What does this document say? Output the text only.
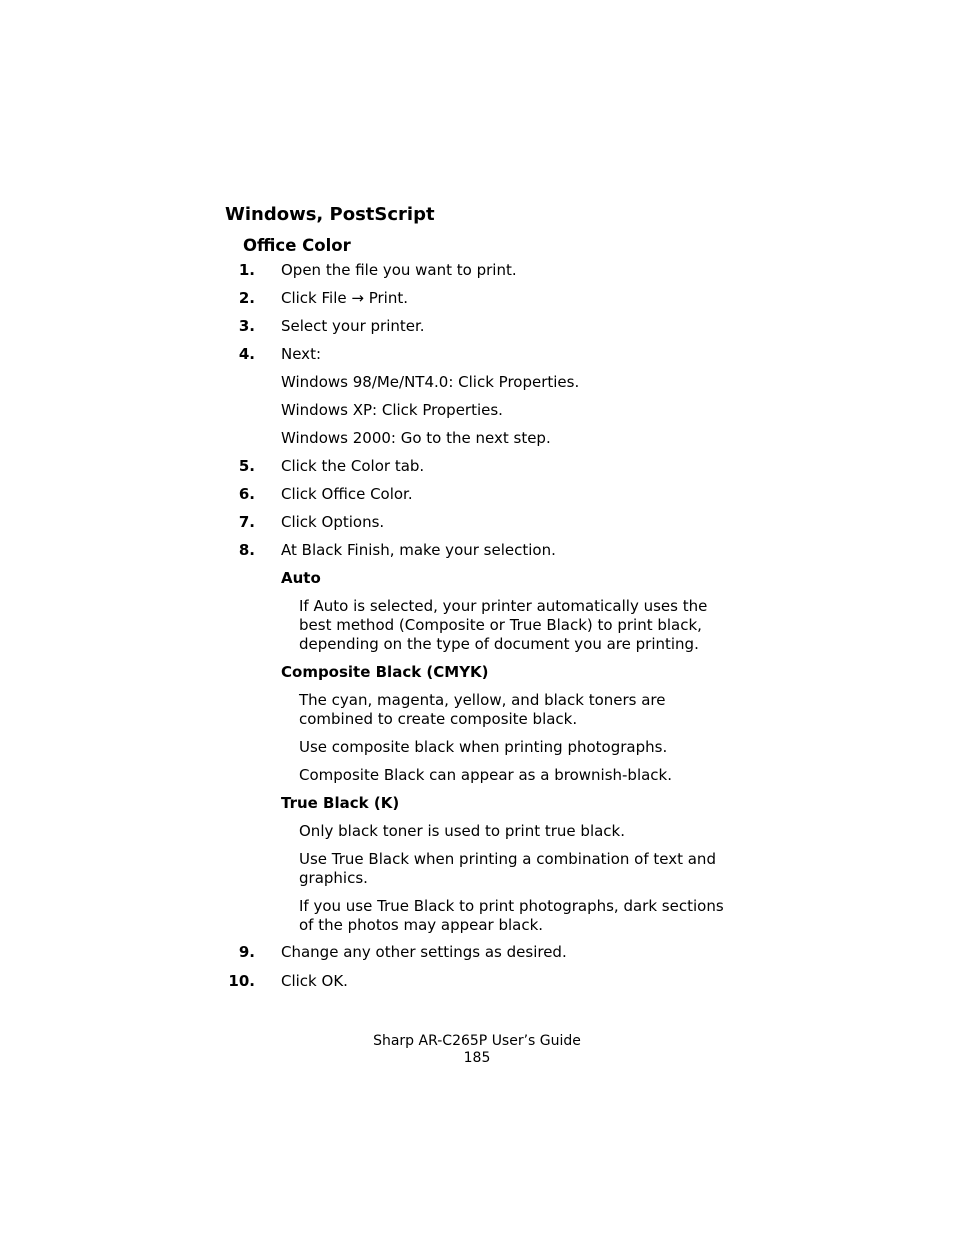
Windows, PostScript
Office Color
1. Open the file you want to print.
2. Click File → Print.
3. Select your printer.
4. Next:
Windows 98/Me/NT4.0: Click Properties.
Windows XP: Click Properties.
Windows 2000: Go to the next step.
5. Click the Color tab.
6. Click Office Color.
7. Click Options.
8. At Black Finish, make your selection.
Auto
If Auto is selected, your printer automatically uses the best method (Composite or True Black) to print black, depending on the type of document you are printing.
Composite Black (CMYK)
The cyan, magenta, yellow, and black toners are combined to create composite black.
Use composite black when printing photographs.
Composite Black can appear as a brownish-black.
True Black (K)
Only black toner is used to print true black.
Use True Black when printing a combination of text and graphics.
If you use True Black to print photographs, dark sections of the photos may appear black.
9. Change any other settings as desired.
10. Click OK.
Sharp AR-C265P User’s Guide
185
